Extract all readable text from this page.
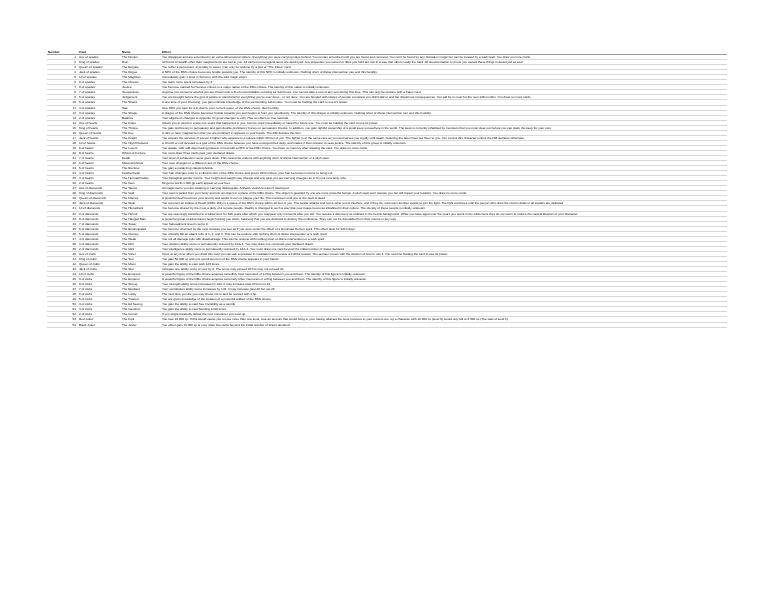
Number	Card	Name	Effect
1	Ace of spades	The Donjon	You disappear and are entombed in an extra-dimensional sphere. Everything you were carrying stays behind. You remain entombed until you are found and removed. You can't be found by any divination magic but can be located by a wish spell. You draw no more cards.
2	King of spades	Ruin	All forms of wealth other than magical items are lost to you. All carried non-magical items are destroyed. Any properties you owned or titles you held are lost in a way that others really the hard. All documentation to prove you owned these things is destroyed as well.
3	Queen of spades	The Euryale	You suffer a permanent -2 penalty to saves. Can only be undone by a god or "The Fates" card.
4	Jack of spades	The Rogue	A NPC of the DM's choice becomes hostile towards you. The identity of this NPC is initially unknown. Nothing short of divine intervention can end this hostility.
5	10 of spades	The Magician	Immediately gain 1 level in Sorcerer with the wild magic origin.
6	9 of spades	The Chance	You learn more spent increases by 4.
7	8 of spades	Justice	You become marked for heinous crimes in a major nation of the DM's choice. The identity of this nation is initially unknown.
8	7 of spades	Temperance	Anytime you consume alcohol you are thrown into a fit of uncontrollable vomiting for 2d4 hours. You cannot take a rest of any sort during this time. This can only be undone with a Fates card.
9	6 of spades	Judgement	You are brought before the god of justice to stand trial for everything you've ever done - or not done. You are flooded with stories of people a lousiest you didn't talk to and the disastrous consequences. You will be in court for the next 1d6 months. You draw no more cards.
10	5 of spades	The Shield	A one time of your choosing, you gain intimate knowledge of the surrounding 1d10 miles. You must be holding the card to use it's power.
11	4 of spades	Star	One NPC you care for a is vital to your current quest, of the DMs choice, dies horribly.
12	3 of spades	The Shape	A dragon of the DMs choice becomes hostile towards you and begins to hunt you relentlessly. The identity of this dragon is initially unknown. Nothing short of divine intervention can end this hostility.
13	2 of spades	Balance	Your alignment changes to opposite (to good changes to evil). Has no effect on true neutrals.
14	Ace of hearts	The Fates	Allows you to avoid or erase one event that happened to you. Can be used immediately or saved for future use. You must be holding the card to use its power.
15	King of hearts	The Throne	You gain proficiency in persuasion and gain double proficiency bonus on persuasion checks. In addition, you gain rightful ownership of a small keep somewhere in the world. The keep is currently inhabited by monsters that you must clear out before you can claim the keep for your own.
16	Queen of hearts	The Key	A rare or rarer magical item that you are proficient in appears in your hands. The DM decides the item.
17	Jack of hearts	The Knight	You acquire the services of a level 4 fighter who appears in a square within 30 feet of you. The fighter is of the same race as you and serves you loyally until death, believing the fates have led them to you. You control this character unless the DM declares otherwise.
18	10 of hearts	The High Priestess	A church or cult devoted to a god of the DMs choice believes you have emerged their deity, and makes it their mission to seek justice. The identity of this group is initially unknown.
19	9 of hearts	The Lovers	You awake, with 1d8 days having passed, in bed with a NPC of the DMs choice. You have no memory after drawing the card. You draw no more cards.
20	8 of hearts	Wheel of Fortune	You must draw three cards past your declared draws.
21	7 of hearts	Death	Your level of exhaustion never goes down. This cannot be undone with anything short of divine intervention or a wish spell.
22	6 of hearts	Metamorphosis	Your race changes to a different race of the DMs choice.
23	5 of hearts	The Recluse	You gain a paralyzing claustrophobia.
24	4 of hearts	Featherweak	Your hair changes color to a vibrant color of the DMs choice and grows 2d12 inches, your hair becomes immune to being cut.
25	3 of hearts	The Hermaphrodite	Your biological gender inverts. Your height and weight may change and any gear you are carrying changes as to fit your new body size.
26	2 of hearts	The Gem	50 gems worth 1 000 gp each appear at your feet.
27	Ace of diamonds	The Talons	All magic items you are wearing or carrying disintegrate. Artifacts vanish but aren't destroyed.
28	King of diamonds	The Void	Your soul is pulled from your body and into an object in a plane of the DMs choice. The object is guarded by one are more powerful beings. A wish spell can't release you but will impart your location. You draw no more cards.
29	Queen of diamonds	The Flames	A powerful devil becomes your enemy and seeks to ruin or plague your life. This continues until you or the devil is dead.
30	Jack of diamonds	The Skull	You summon an Avatar of Death (DMG 164) in a space of the DM's choice within 10 feet of you. The avatar attacks and some other not to interfere, and if they do, summons another avatar to join the fight. The fight continues until the person who drew the card is dead or all avatars are defeated.
31	10 of diamonds	The Hierophant	You become shared by the most a deity of a remote people. Reality is changed in such a way that your image becomes inhabited in their culture. The identity of these people is initially unknown.
32	9 of diamonds	The Hermit	You are seemingly banished to a wilderness for 6d6 years after which you reappear only moments after you left. You receive a discovery as outlined in the hermit background. While you have aged over the years you spent in the wilderness they do not seem to reduce the natural lifespan of your character.
33	8 of diamonds	The Hanged Man	A powerful group of adventurers begin hunting you down, believing that you are destined to destroy the multiverse. They can not be dissuaded from their course in any way.
34	7 of diamonds	The Tower	Your beheadment level is set to 0.
35	6 of diamonds	The Emancipated	You become charmed by the next creature you see as if you were under the effect of a Dominate Person spell. This effect lasts for 2d10 days.
36	5 of diamonds	The Clumsy	You critically fail an attack rolls of 1, 2, and 3. This can be undone with nothing short of divine intervention or a wish spell.
37	4 of diamonds	The Weak	You roll all damage rolls with disadvantage. This can be undone with nothing short of divine intervention or a wish spell.
38	3 of diamonds	The Doll	Your wisdom ability score is permanently reduced by 1d4+1. You may draw one card past your declared draws.
39	2 of diamonds	The Idiot	Your intelligence ability score is permanently reduced by 1d4+1. You must draw one card beyond the initial number of draws declared.
40	Ace of clubs	The Vizier	Once at any time when you draw this card you can ask a question in meditation and receive a truthful answer. The answer comes with the wisdom of how to use it. You must be holding the card to use its power.
41	King of clubs	The Sun	You gain 50 000 xp and one wondrous item of the DMs choice appears in your hands.
42	Queen of clubs	The Moon	You gain the ability to cast wish 1d3 times.
43	Jack of clubs	The Star	Increase one ability score of your by 2. The score may exceed 20 but may not exceed 24.
44	10 of clubs	The Empress	A powerful figure of the DMs choice acquires incredibly fond memories of a fling between you and them. The identity of this figure is initially unknown.
45	9 of clubs	The Emperor	A powerful figure of the DMs choice acquires extremely bitter memories of a fling between you and them. The identity of this figure is initially unknown.
46	8 of clubs	The Strong	Your strength ability score increases by 1d4. It may increase past 20 but not 24.
47	7 of clubs	The Resilient	Your constitution ability score increases by 1d4. It may increase past 20 but not 24.
48	6 of clubs	The Lucky	The next time you die you may chose not to and be revived with 1 hp.
49	5 of clubs	The Trusted	You are given knowledge of the location of a powerful artifact of the DMs choice.
50	4 of clubs	The Ed Seeing	You gain the ability to cast See Invisibility as a cantrip.
51	3 of clubs	The Cautious	You gain the ability to cast Sending 1d10 times.
52	2 of clubs	The Comet	If you single handedly defeat the next encounter you level up.
53	Red Joker	The Fool	You lose 10 000 xp. If this would cause you to lose more than one level, lose an amount that would bring to your having attained the level previous to your current one. eg a character with 10 000 xp (level 6) would only fall to 6 500 xp (The start of level 5)
54	Black Joker	The Jester	You either gain 10 000 xp or may draw two cards beyond the initial number of draws declared.
